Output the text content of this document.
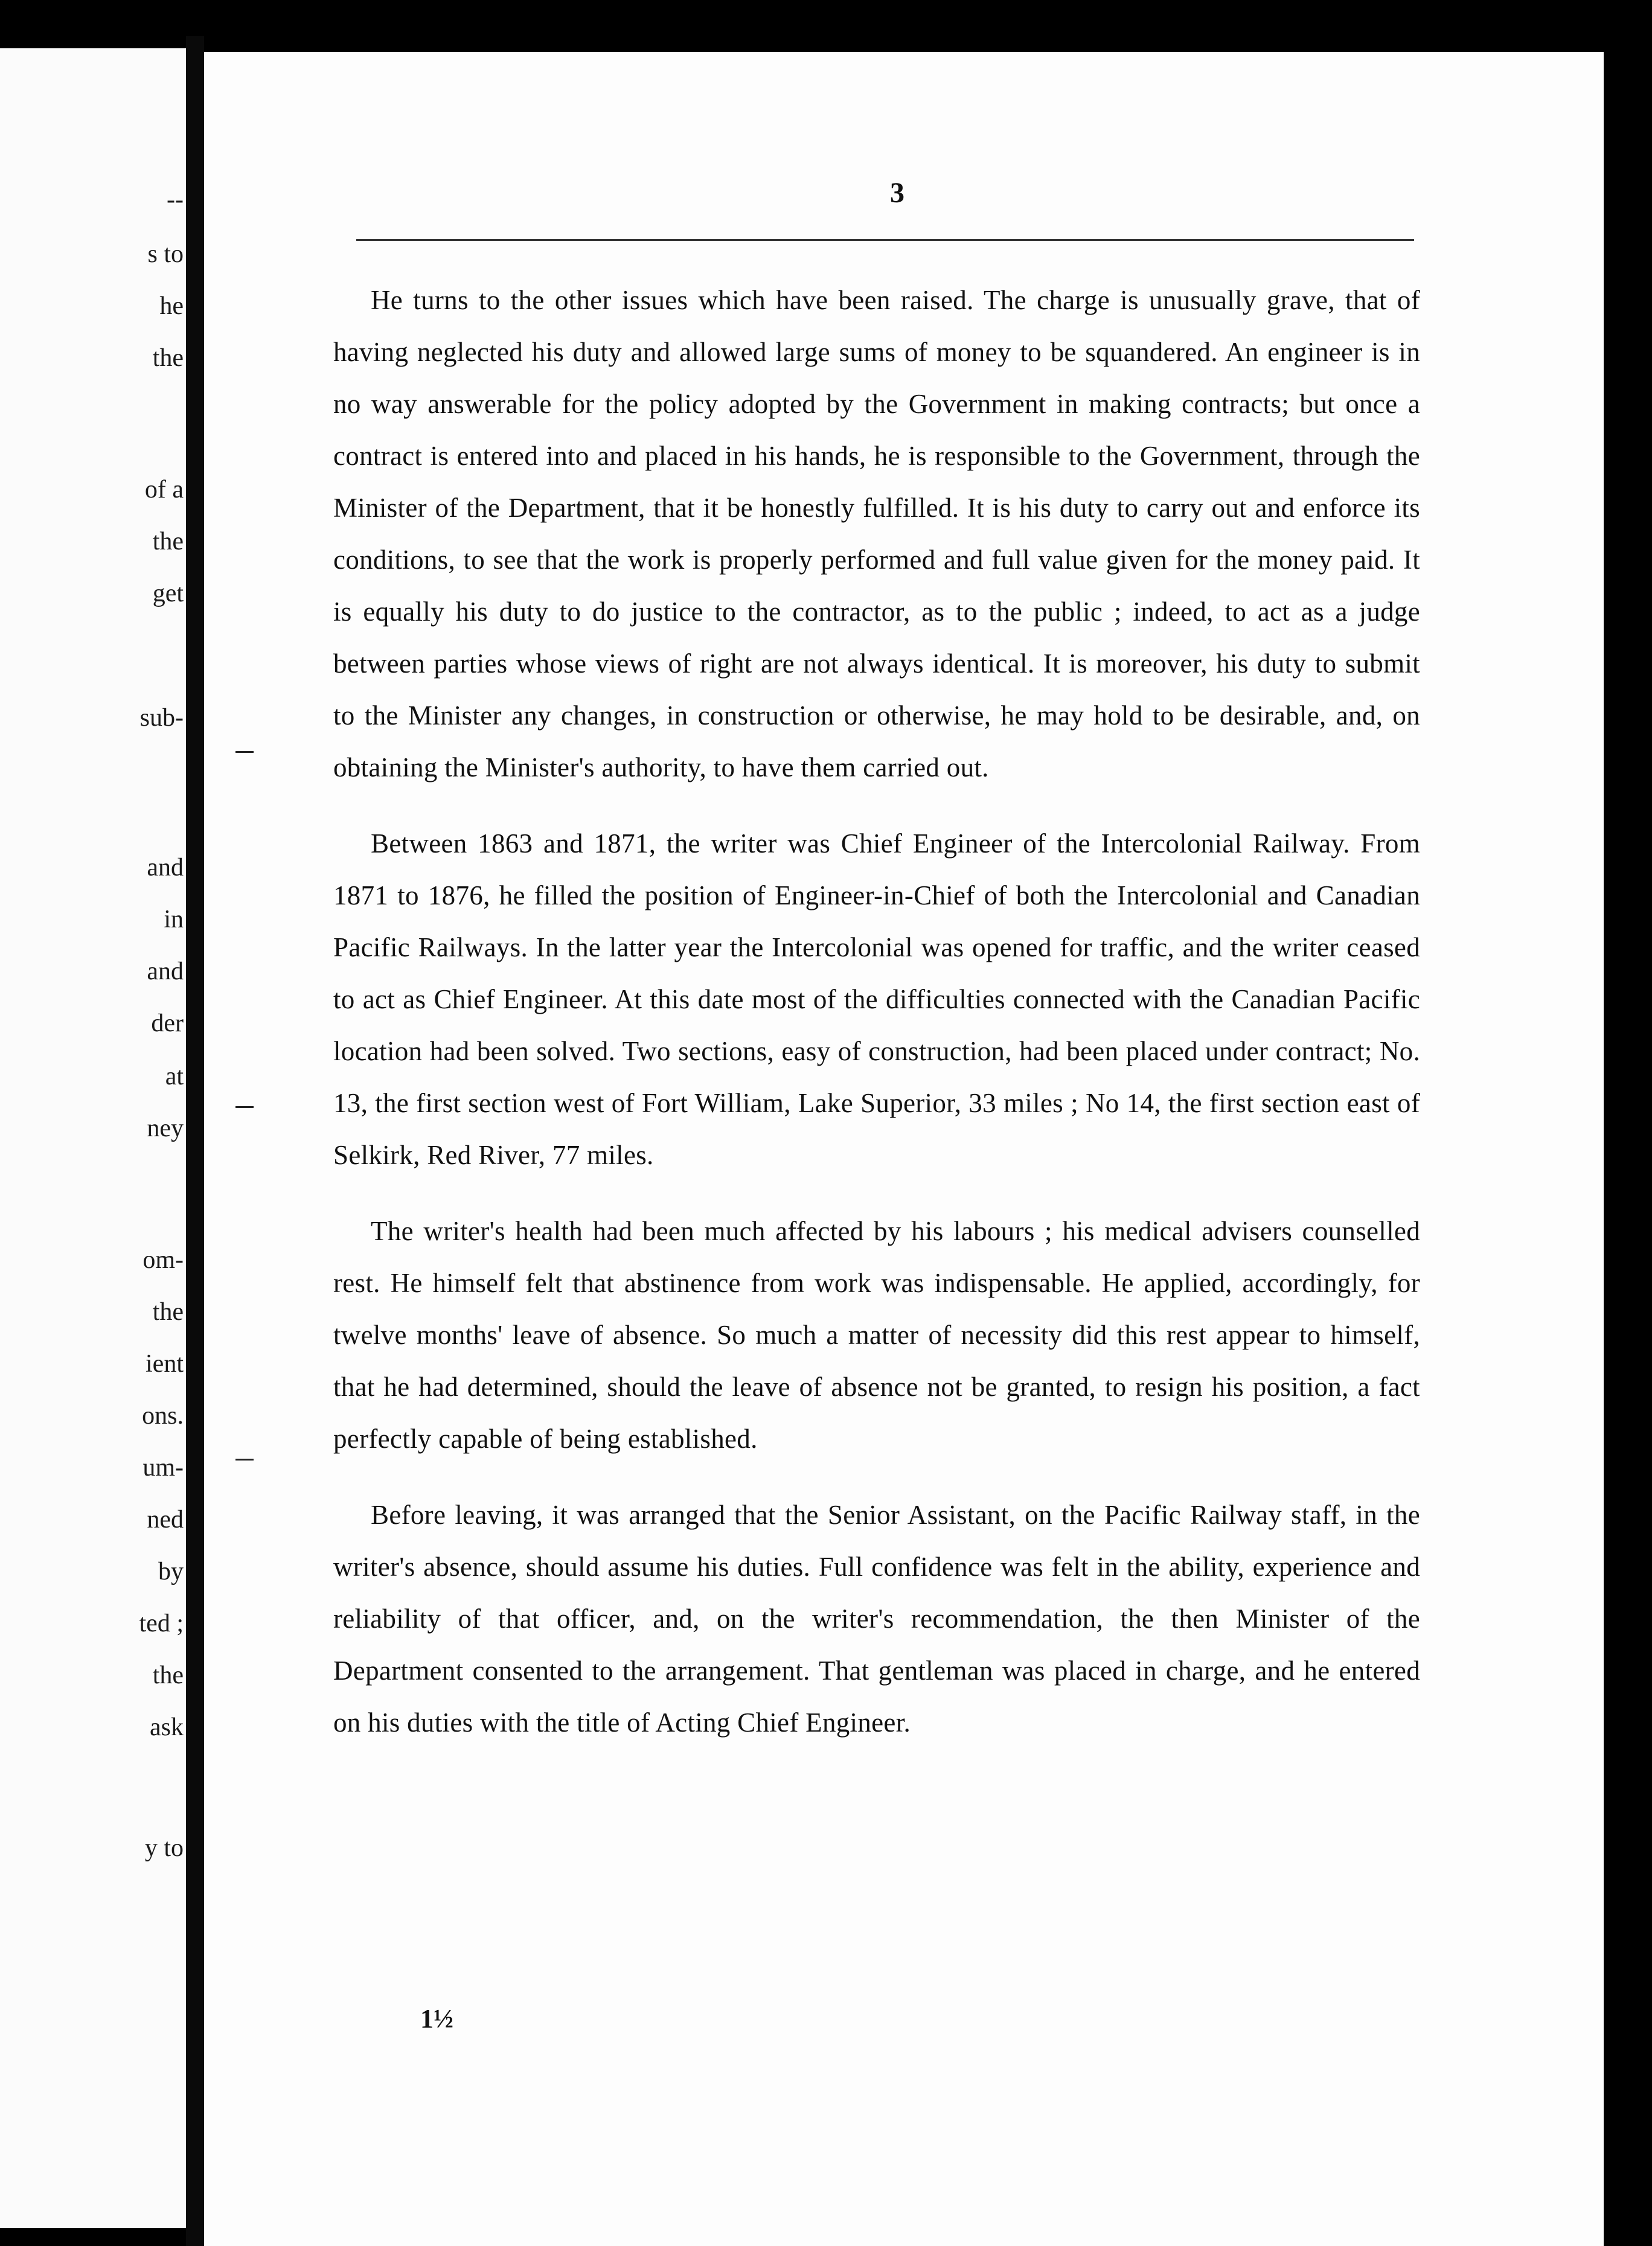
--
s to
he
the
of a
the
get
sub-
and
in
and
der
at
ney
om-
the
ient
ons.
um-
ned
by
ted ;
the
ask
y to
3

He turns to the other issues which have been raised. The charge is unusually grave, that of having neglected his duty and allowed large sums of money to be squandered. An engineer is in no way answerable for the policy adopted by the Government in making contracts; but once a contract is entered into and placed in his hands, he is responsible to the Government, through the Minister of the Department, that it be honestly fulfilled. It is his duty to carry out and enforce its conditions, to see that the work is properly performed and full value given for the money paid. It is equally his duty to do justice to the contractor, as to the public ; indeed, to act as a judge between parties whose views of right are not always identical. It is moreover, his duty to submit to the Minister any changes, in construction or otherwise, he may hold to be desirable, and, on obtaining the Minister's authority, to have them carried out.

Between 1863 and 1871, the writer was Chief Engineer of the Intercolonial Railway. From 1871 to 1876, he filled the position of Engineer-in-Chief of both the Intercolonial and Canadian Pacific Railways. In the latter year the Intercolonial was opened for traffic, and the writer ceased to act as Chief Engineer. At this date most of the difficulties connected with the Canadian Pacific location had been solved. Two sections, easy of construction, had been placed under contract; No. 13, the first section west of Fort William, Lake Superior, 33 miles ; No 14, the first section east of Selkirk, Red River, 77 miles.

The writer's health had been much affected by his labours ; his medical advisers counselled rest. He himself felt that abstinence from work was indispensable. He applied, accordingly, for twelve months' leave of absence. So much a matter of necessity did this rest appear to himself, that he had determined, should the leave of absence not be granted, to resign his position, a fact perfectly capable of being established.

Before leaving, it was arranged that the Senior Assistant, on the Pacific Railway staff, in the writer's absence, should assume his duties. Full confidence was felt in the ability, experience and reliability of that officer, and, on the writer's recommendation, the then Minister of the Department consented to the arrangement. That gentleman was placed in charge, and he entered on his duties with the title of Acting Chief Engineer.

1½
